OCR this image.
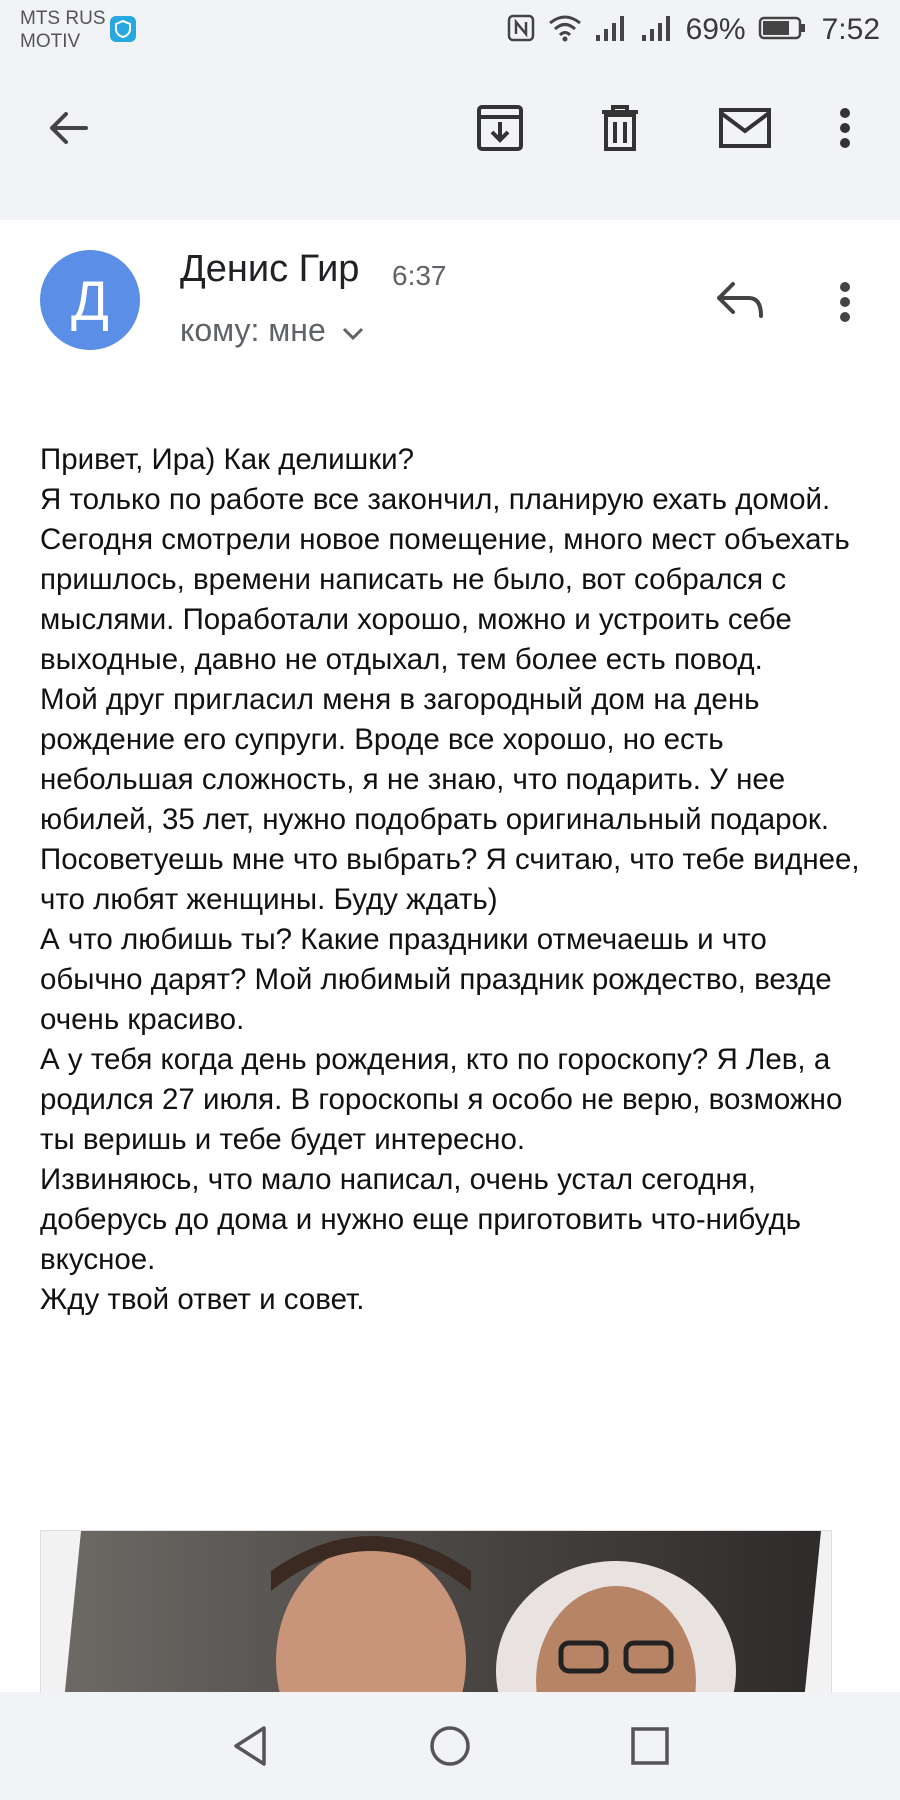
MTS RUS
MOTIV	69%	7:52
Д	Денис Гир 6:37
кому: мне

Привет, Ира) Как делишки?

Я только по работе все закончил, планирую ехать домой. Сегодня смотрели новое помещение, много мест объехать пришлось, времени написать не было, вот собрался с мыслями. Поработали хорошо, можно и устроить себе выходные, давно не отдыхал, тем более есть повод.

Мой друг пригласил меня в загородный дом на день рождение его супруги. Вроде все хорошо, но есть небольшая сложность, я не знаю, что подарить. У нее юбилей, 35 лет, нужно подобрать оригинальный подарок.

Посоветуешь мне что выбрать? Я считаю, что тебе виднее, что любят женщины. Буду ждать)

А что любишь ты? Какие праздники отмечаешь и что обычно дарят? Мой любимый праздник рождество, везде очень красиво.

А у тебя когда день рождения, кто по гороскопу? Я Лев, а родился 27 июля. В гороскопы я особо не верю, возможно ты веришь и тебе будет интересно.

Извиняюсь, что мало написал, очень устал сегодня, доберусь до дома и нужно еще приготовить что-нибудь вкусное.

Жду твой ответ и совет.
